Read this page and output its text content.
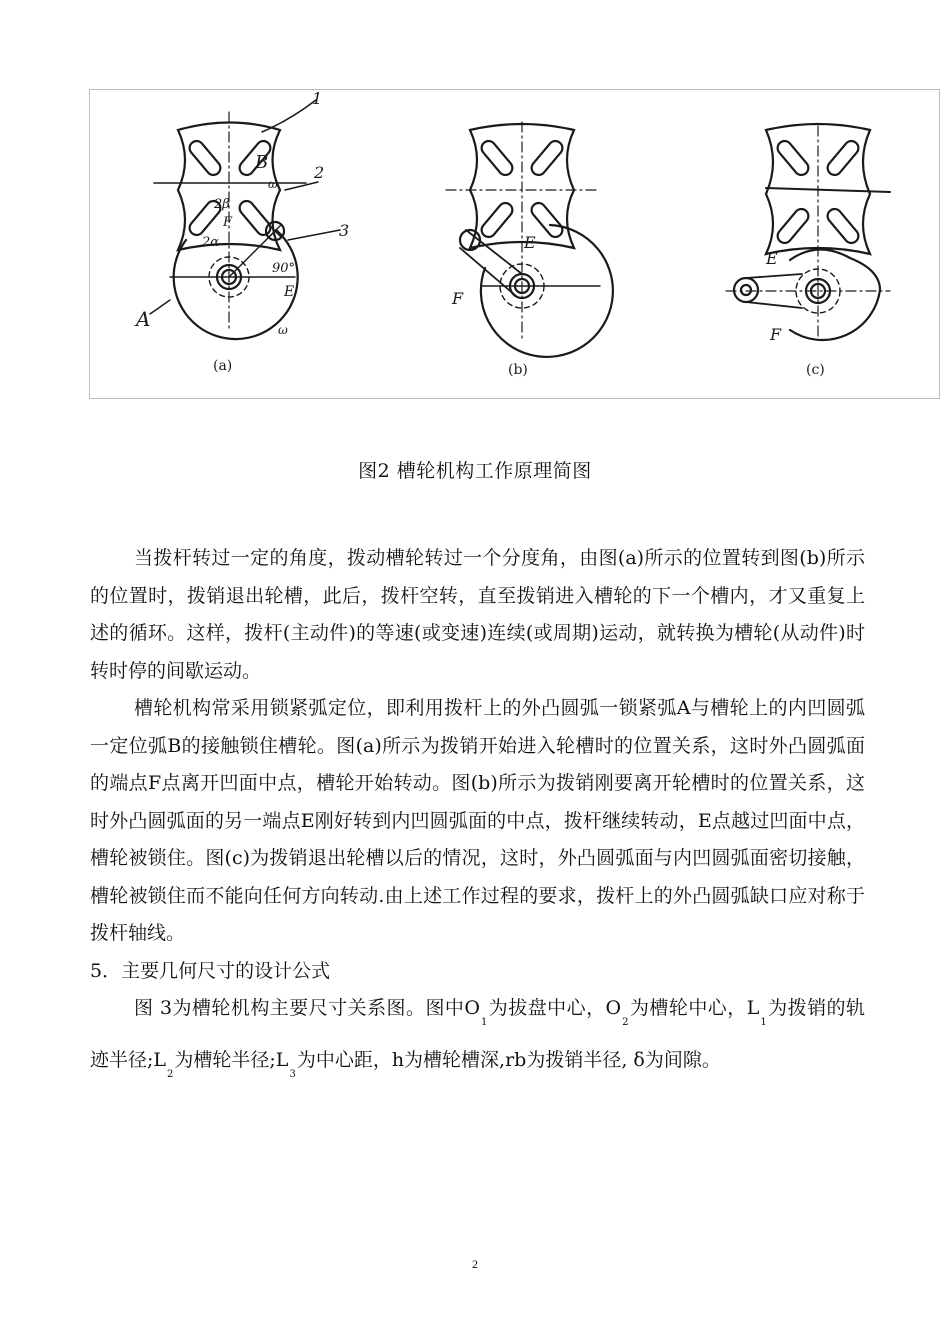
1
2
3
B
ω
2β
F
2α
90°
E
A	ω
(a)
E
F
(b)
E
F
(c)
图2 槽轮机构工作原理简图

当拨杆转过一定的角度，拨动槽轮转过一个分度角，由图(a)所示的位置转到图(b)所示的位置时，拨销退出轮槽，此后，拨杆空转，直至拨销进入槽轮的下一个槽内，才又重复上述的循环。这样，拨杆(主动件)的等速(或变速)连续(或周期)运动，就转换为槽轮(从动件)时转时停的间歇运动。

槽轮机构常采用锁紧弧定位，即利用拨杆上的外凸圆弧一锁紧弧A与槽轮上的内凹圆弧一定位弧B的接触锁住槽轮。图(a)所示为拨销开始进入轮槽时的位置关系，这时外凸圆弧面的端点F点离开凹面中点，槽轮开始转动。图(b)所示为拨销刚要离开轮槽时的位置关系，这时外凸圆弧面的另一端点E刚好转到内凹圆弧面的中点，拨杆继续转动，E点越过凹面中点，槽轮被锁住。图(c)为拨销退出轮槽以后的情况，这时，外凸圆弧面与内凹圆弧面密切接触，槽轮被锁住而不能向任何方向转动.由上述工作过程的要求，拨杆上的外凸圆弧缺口应对称于拨杆轴线。

5．主要几何尺寸的设计公式

图 3为槽轮机构主要尺寸关系图。图中$O_1$为拔盘中心，$O_2$为槽轮中心，$L_1$为拨销的轨迹半径$;L_2$为槽轮半径$;L_3$为中心距，h为槽轮槽深,rb为拨销半径, δ为间隙。

2
